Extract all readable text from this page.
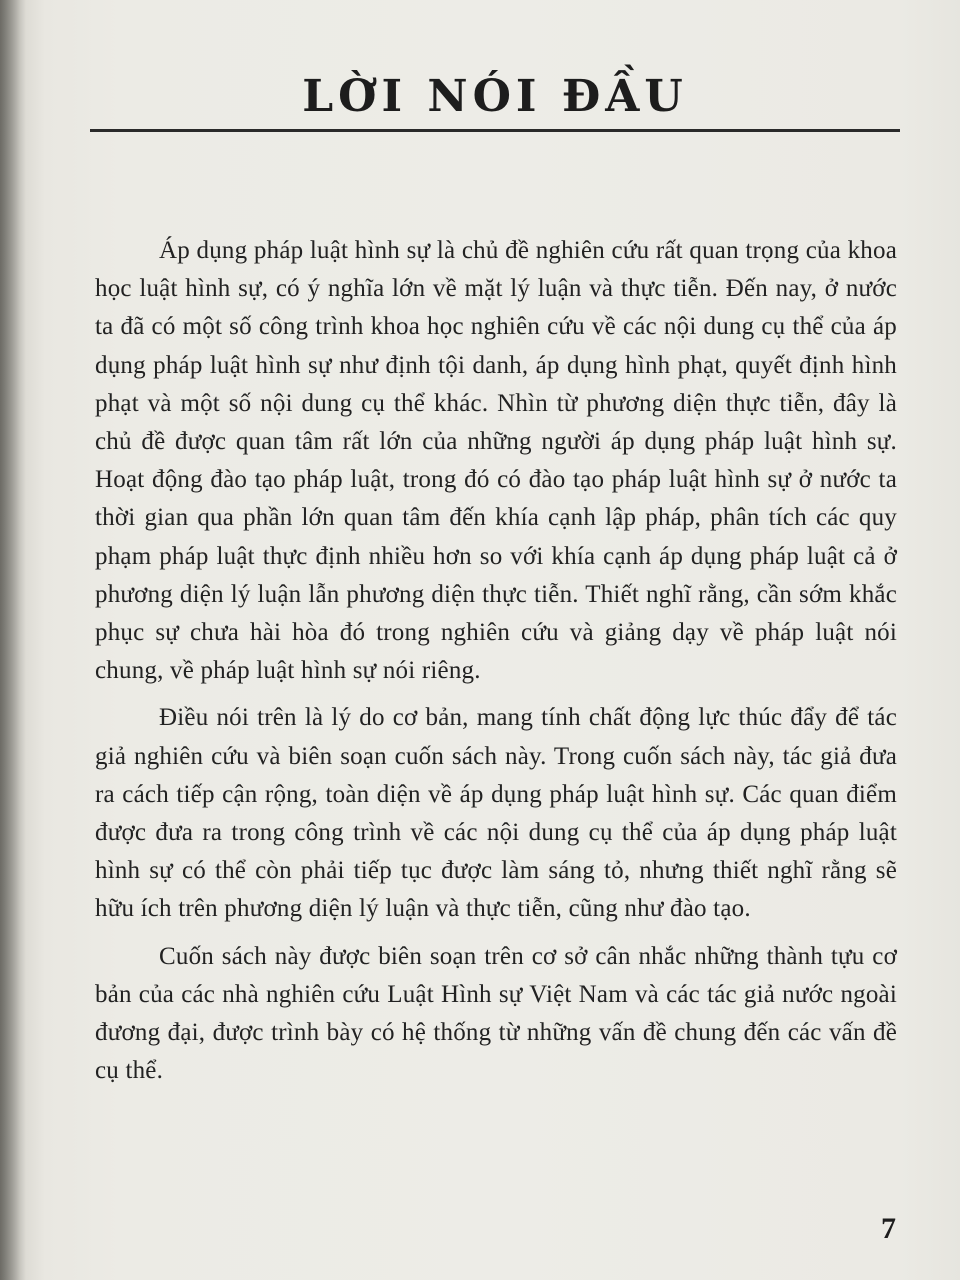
LỜI NÓI ĐẦU

Áp dụng pháp luật hình sự là chủ đề nghiên cứu rất quan trọng của khoa học luật hình sự, có ý nghĩa lớn về mặt lý luận và thực tiễn. Đến nay, ở nước ta đã có một số công trình khoa học nghiên cứu về các nội dung cụ thể của áp dụng pháp luật hình sự như định tội danh, áp dụng hình phạt, quyết định hình phạt và một số nội dung cụ thể khác. Nhìn từ phương diện thực tiễn, đây là chủ đề được quan tâm rất lớn của những người áp dụng pháp luật hình sự. Hoạt động đào tạo pháp luật, trong đó có đào tạo pháp luật hình sự ở nước ta thời gian qua phần lớn quan tâm đến khía cạnh lập pháp, phân tích các quy phạm pháp luật thực định nhiều hơn so với khía cạnh áp dụng pháp luật cả ở phương diện lý luận lẫn phương diện thực tiễn. Thiết nghĩ rằng, cần sớm khắc phục sự chưa hài hòa đó trong nghiên cứu và giảng dạy về pháp luật nói chung, về pháp luật hình sự nói riêng.

Điều nói trên là lý do cơ bản, mang tính chất động lực thúc đẩy để tác giả nghiên cứu và biên soạn cuốn sách này. Trong cuốn sách này, tác giả đưa ra cách tiếp cận rộng, toàn diện về áp dụng pháp luật hình sự. Các quan điểm được đưa ra trong công trình về các nội dung cụ thể của áp dụng pháp luật hình sự có thể còn phải tiếp tục được làm sáng tỏ, nhưng thiết nghĩ rằng sẽ hữu ích trên phương diện lý luận và thực tiễn, cũng như đào tạo.

Cuốn sách này được biên soạn trên cơ sở cân nhắc những thành tựu cơ bản của các nhà nghiên cứu Luật Hình sự Việt Nam và các tác giả nước ngoài đương đại, được trình bày có hệ thống từ những vấn đề chung đến các vấn đề cụ thể.

7
